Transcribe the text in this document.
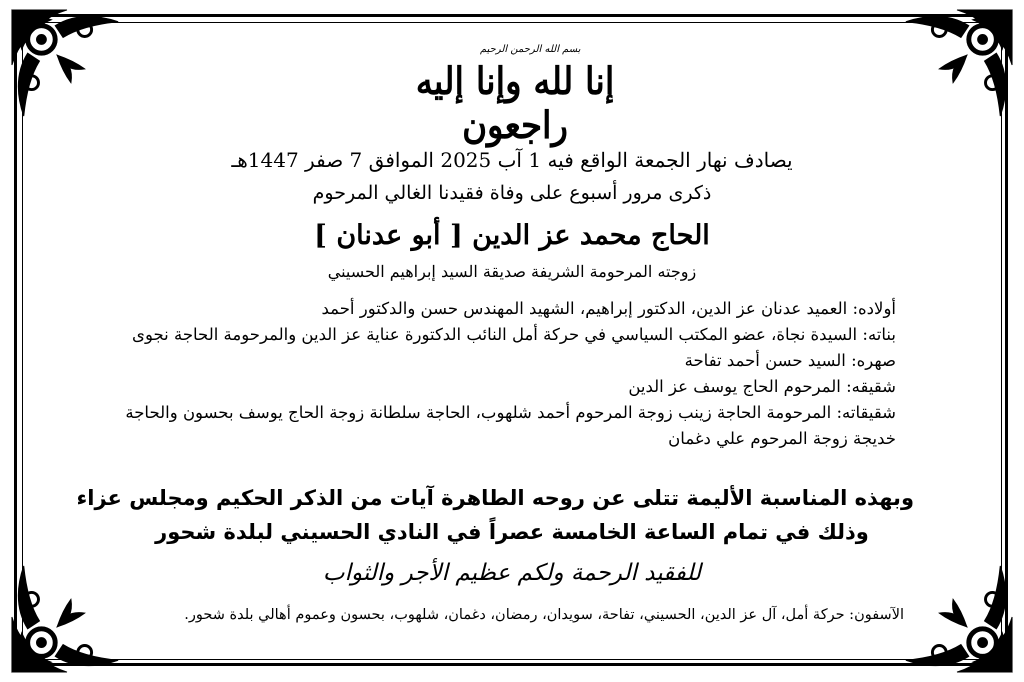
بسم الله الرحمن الرحيم
إنا لله وإنا إليه راجعون
يصادف نهار الجمعة الواقع فيه 1 آب 2025 الموافق 7 صفر 1447هـ
ذكرى مرور أسبوع على وفاة فقيدنا الغالي المرحوم
الحاج محمد عز الدين [ أبو عدنان ]
زوجته المرحومة الشريفة صديقة السيد إبراهيم الحسيني
أولاده: العميد عدنان عز الدين، الدكتور إبراهيم، الشهيد المهندس حسن والدكتور أحمد
بناته: السيدة نجاة، عضو المكتب السياسي في حركة أمل النائب الدكتورة عناية عز الدين والمرحومة الحاجة نجوى
صهره: السيد حسن أحمد تفاحة
شقيقه: المرحوم الحاج يوسف عز الدين
شقيقاته: المرحومة الحاجة زينب زوجة المرحوم أحمد شلهوب، الحاجة سلطانة زوجة الحاج يوسف بحسون والحاجة
خديجة زوجة المرحوم علي دغمان
وبهذه المناسبة الأليمة تتلى عن روحه الطاهرة آيات من الذكر الحكيم ومجلس عزاء
وذلك في تمام الساعة الخامسة عصراً في النادي الحسيني لبلدة شحور
للفقيد الرحمة ولكم عظيم الأجر والثواب
الآسفون: حركة أمل، آل عز الدين، الحسيني، تفاحة، سويدان، رمضان، دغمان، شلهوب، بحسون وعموم أهالي بلدة شحور.
